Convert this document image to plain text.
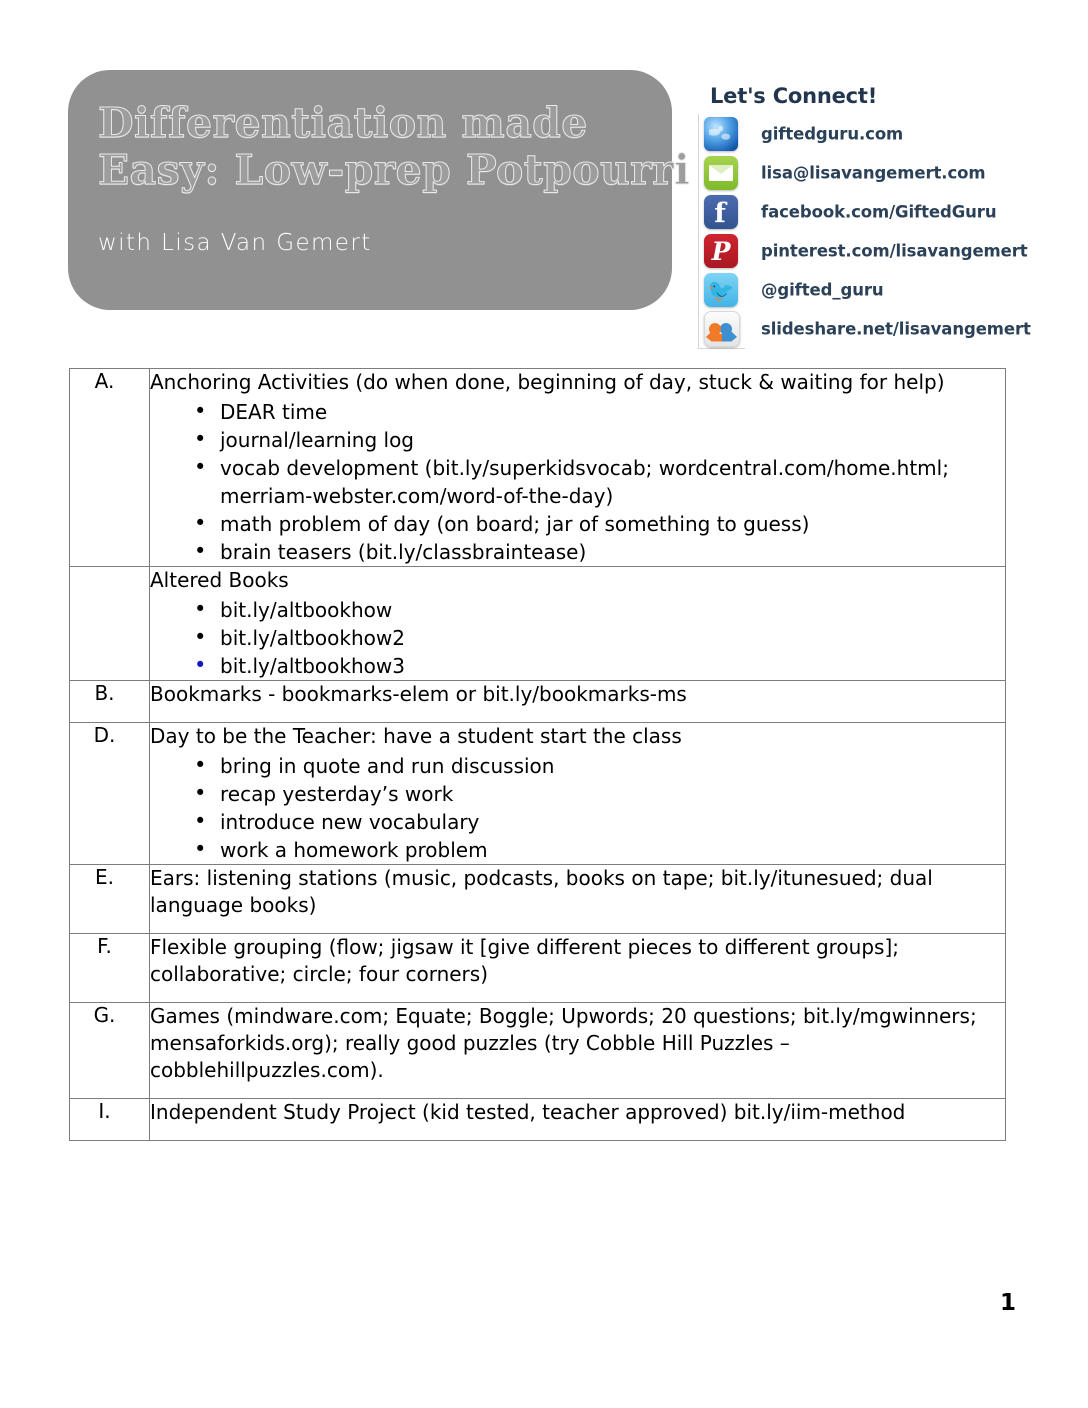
Differentiation made
Easy: Low-prep Potpourri
with Lisa Van Gemert
Let's Connect!
giftedguru.com
lisa@lisavangemert.com
f	facebook.com/GiftedGuru
P	pinterest.com/lisavangemert
🐦 @gifted_guru
slideshare.net/lisavangemert
A.	Anchoring Activities (do when done, beginning of day, stuck & waiting for help)
• DEAR time
• journal/learning log
• vocab development (bit.ly/superkidsvocab; wordcentral.com/home.html; merriam-webster.com/word-of-the-day)
• math problem of day (on board; jar of something to guess)
• brain teasers (bit.ly/classbraintease)

Altered Books
• bit.ly/altbookhow
• bit.ly/altbookhow2
• bit.ly/altbookhow3

B.	Bookmarks - bookmarks-elem or bit.ly/bookmarks-ms

D.	Day to be the Teacher: have a student start the class
• bring in quote and run discussion
• recap yesterday’s work
• introduce new vocabulary
• work a homework problem

E.	Ears: listening stations (music, podcasts, books on tape; bit.ly/itunesued; dual language books)

F.	Flexible grouping (flow; jigsaw it [give different pieces to different groups]; collaborative; circle; four corners)

G.	Games (mindware.com; Equate; Boggle; Upwords; 20 questions; bit.ly/mgwinners; mensaforkids.org); really good puzzles (try Cobble Hill Puzzles – cobblehillpuzzles.com).

I.	Independent Study Project (kid tested, teacher approved) bit.ly/iim-method
1
